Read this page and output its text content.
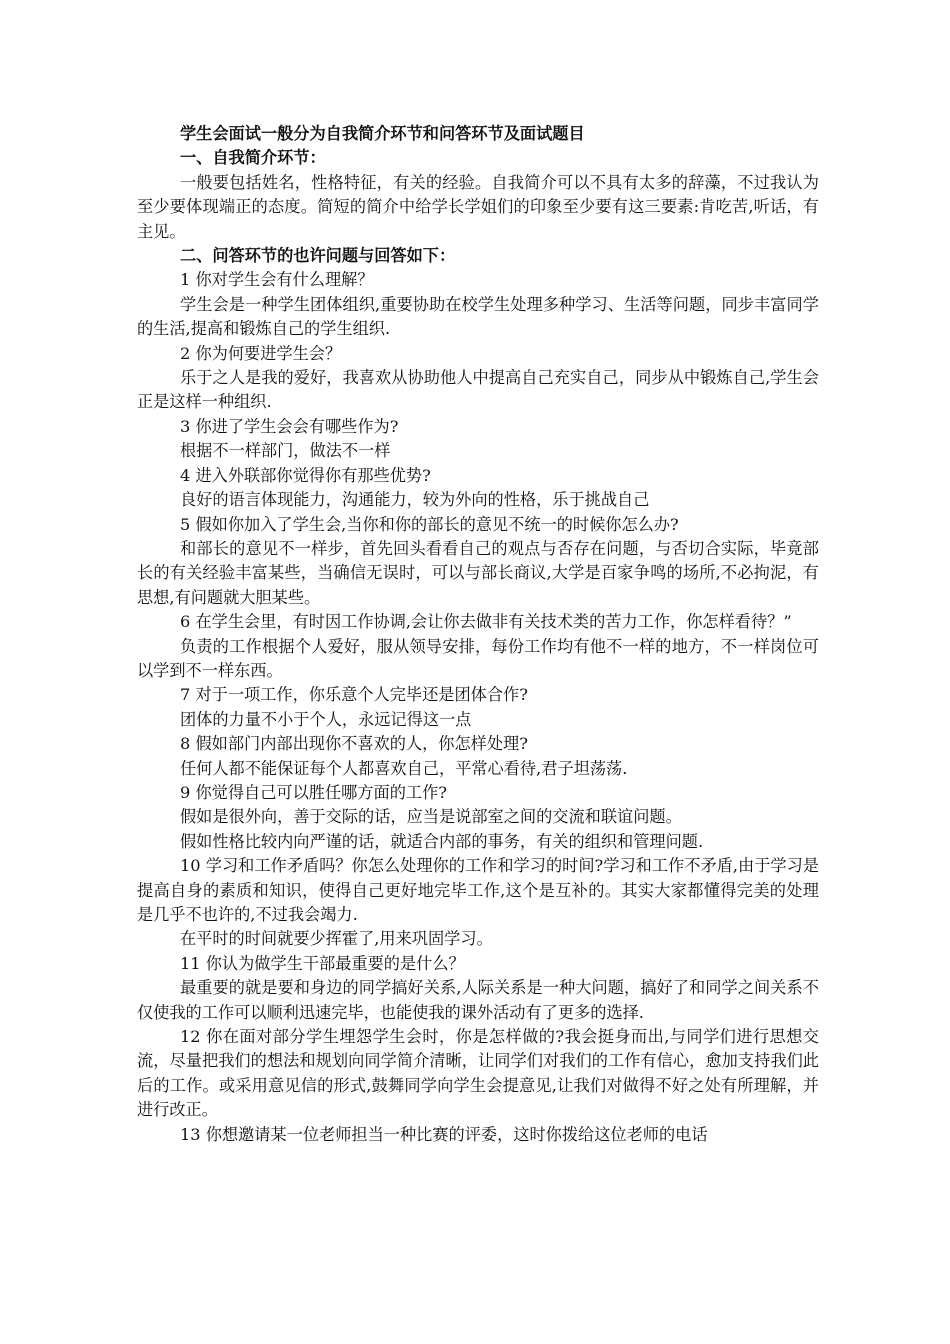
学生会面试一般分为自我简介环节和问答环节及面试题目

一、自我简介环节：

一般要包括姓名，性格特征，有关的经验。自我简介可以不具有太多的辞藻，不过我认为至少要体现端正的态度。简短的简介中给学长学姐们的印象至少要有这三要素:肯吃苦,听话，有主见。

二、问答环节的也许问题与回答如下：

1 你对学生会有什么理解？

学生会是一种学生团体组织,重要协助在校学生处理多种学习、生活等问题，同步丰富同学的生活,提高和锻炼自己的学生组织.

2 你为何要进学生会？

乐于之人是我的爱好，我喜欢从协助他人中提高自己充实自己，同步从中锻炼自己,学生会正是这样一种组织.

3 你进了学生会会有哪些作为?

根据不一样部门，做法不一样

4 进入外联部你觉得你有那些优势?

良好的语言体现能力，沟通能力，较为外向的性格，乐于挑战自己

5 假如你加入了学生会,当你和你的部长的意见不统一的时候你怎么办?

和部长的意见不一样步，首先回头看看自己的观点与否存在问题，与否切合实际，毕竟部长的有关经验丰富某些，当确信无误时，可以与部长商议,大学是百家争鸣的场所,不必拘泥，有思想,有问题就大胆某些。

6 在学生会里，有时因工作协调,会让你去做非有关技术类的苦力工作，你怎样看待？”

负责的工作根据个人爱好，服从领导安排，每份工作均有他不一样的地方，不一样岗位可以学到不一样东西。

7 对于一项工作，你乐意个人完毕还是团体合作?

团体的力量不小于个人，永远记得这一点

8 假如部门内部出现你不喜欢的人，你怎样处理?

任何人都不能保证每个人都喜欢自己，平常心看待,君子坦荡荡.

9 你觉得自己可以胜任哪方面的工作?

假如是很外向，善于交际的话，应当是说部室之间的交流和联谊问题。

假如性格比较内向严谨的话，就适合内部的事务，有关的组织和管理问题.

10 学习和工作矛盾吗？你怎么处理你的工作和学习的时间?学习和工作不矛盾,由于学习是提高自身的素质和知识，使得自己更好地完毕工作,这个是互补的。其实大家都懂得完美的处理是几乎不也许的,不过我会竭力.

在平时的时间就要少挥霍了,用来巩固学习。

11 你认为做学生干部最重要的是什么？

最重要的就是要和身边的同学搞好关系,人际关系是一种大问题，搞好了和同学之间关系不仅使我的工作可以顺利迅速完毕，也能使我的课外活动有了更多的选择.

12 你在面对部分学生埋怨学生会时，你是怎样做的?我会挺身而出,与同学们进行思想交流，尽量把我们的想法和规划向同学简介清晰，让同学们对我们的工作有信心，愈加支持我们此后的工作。或采用意见信的形式,鼓舞同学向学生会提意见,让我们对做得不好之处有所理解，并进行改正。

13 你想邀请某一位老师担当一种比赛的评委，这时你拨给这位老师的电话
